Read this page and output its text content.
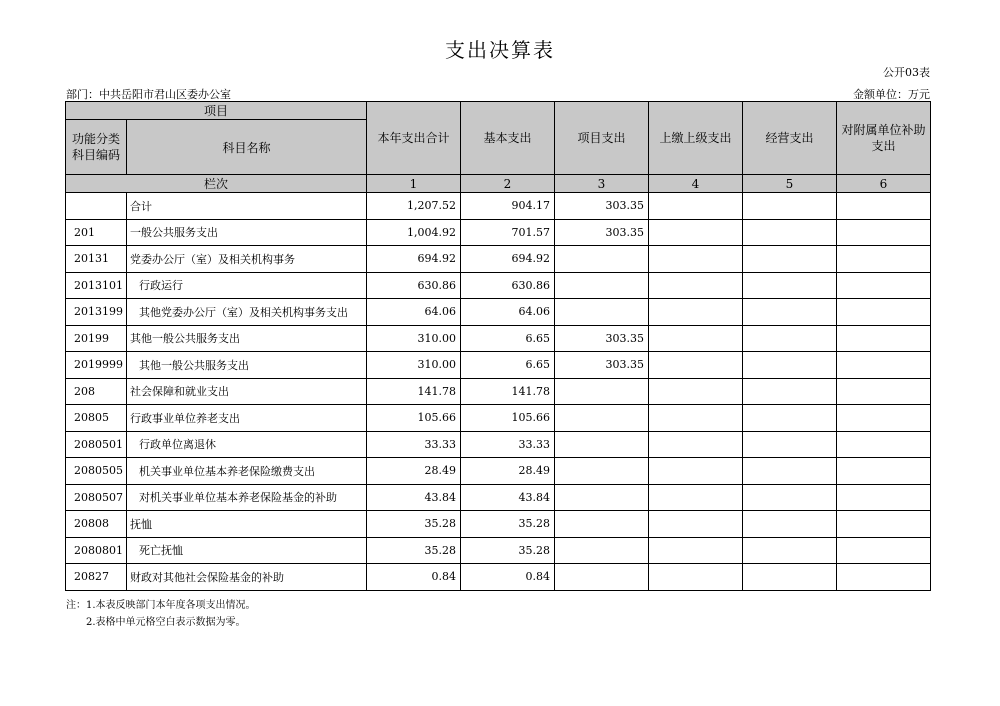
支出决算表
公开03表
部门：中共岳阳市君山区委办公室	金额单位：万元
项目		本年支出合计	基本支出	项目支出	上缴上级支出	经营支出	对附属单位补助支出
功能分类科目编码	科目名称						
栏次		1	2	3	4	5	6
	合计	1,207.52	904.17	303.35			
201	一般公共服务支出	1,004.92	701.57	303.35			
20131	党委办公厅（室）及相关机构事务	694.92	694.92				
2013101	行政运行	630.86	630.86				
2013199	其他党委办公厅（室）及相关机构事务支出	64.06	64.06				
20199	其他一般公共服务支出	310.00	6.65	303.35			
2019999	其他一般公共服务支出	310.00	6.65	303.35			
208	社会保障和就业支出	141.78	141.78				
20805	行政事业单位养老支出	105.66	105.66				
2080501	行政单位离退休	33.33	33.33				
2080505	机关事业单位基本养老保险缴费支出	28.49	28.49				
2080507	对机关事业单位基本养老保险基金的补助	43.84	43.84				
20808	抚恤	35.28	35.28				
2080801	死亡抚恤	35.28	35.28				
20827	财政对其他社会保险基金的补助	0.84	0.84				
注：1.本表反映部门本年度各项支出情况。
2.表格中单元格空白表示数据为零。
